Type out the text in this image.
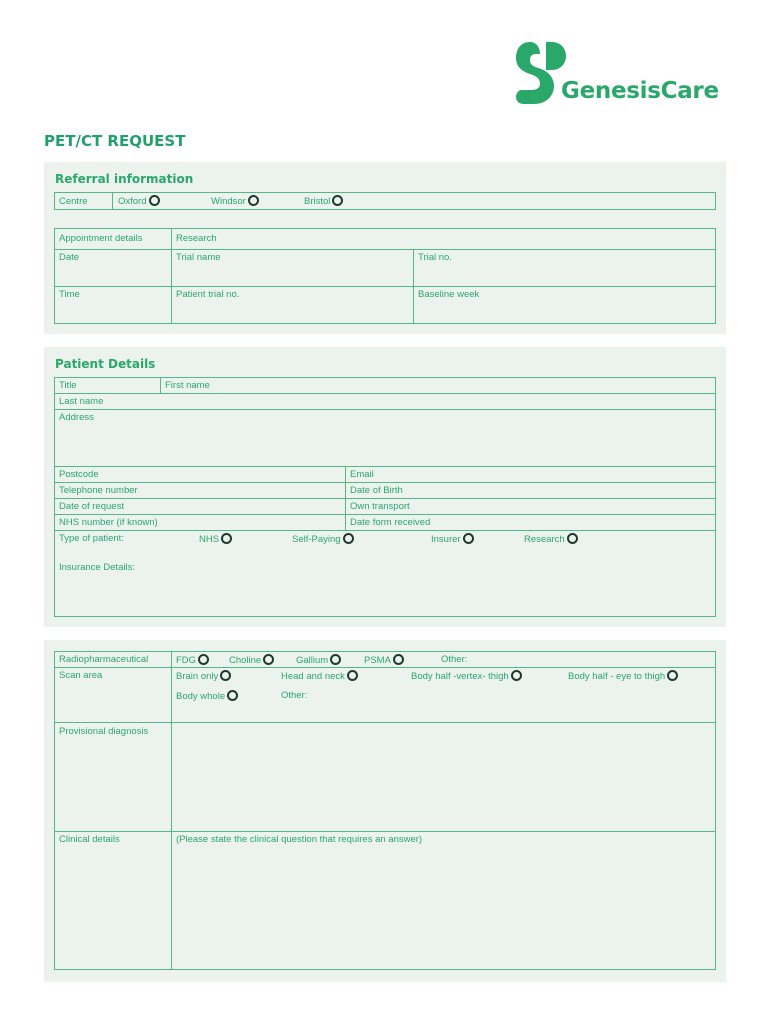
GenesisCare
PET/CT REQUEST
Referral information
Centre	Oxford	Windsor	Bristol
Appointment details	Research
Date	Trial name	Trial no.
Time	Patient trial no.	Baseline week
Patient Details
Title	First name
Last name
Address
Postcode	Email
Telephone number	Date of Birth
Date of request	Own transport
NHS number (if known)	Date form received
Type of patient:	NHS	Self-Paying	Insurer	Research
Insurance Details:
Radiopharmaceutical	FDG	Choline	Gallium	PSMA	Other:
Scan area	Brain only	Head and neck	Body half -vertex- thigh	Body half - eye to thigh
Body whole	Other:
Provisional diagnosis
Clinical details	(Please state the clinical question that requires an answer)
